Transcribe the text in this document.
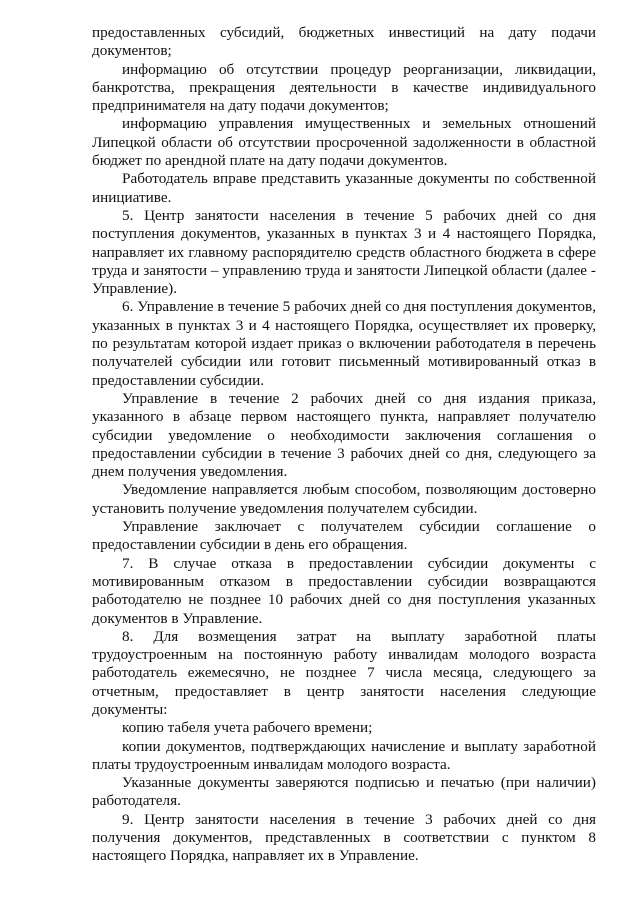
предоставленных субсидий, бюджетных инвестиций на дату подачи документов;

информацию об отсутствии процедур реорганизации, ликвидации, банкротства, прекращения деятельности в качестве индивидуального предпринимателя на дату подачи документов;

информацию управления имущественных и земельных отношений Липецкой области об отсутствии просроченной задолженности в областной бюджет по арендной плате на дату подачи документов.

Работодатель вправе представить указанные документы по собственной инициативе.

5. Центр занятости населения в течение 5 рабочих дней со дня поступления документов, указанных в пунктах 3 и 4 настоящего Порядка, направляет их главному распорядителю средств областного бюджета в сфере труда и занятости – управлению труда и занятости Липецкой области (далее - Управление).

6. Управление в течение 5 рабочих дней со дня поступления документов, указанных в пунктах 3 и 4 настоящего Порядка, осуществляет их проверку, по результатам которой издает приказ о включении работодателя в перечень получателей субсидии или готовит письменный мотивированный отказ в предоставлении субсидии.

Управление в течение 2 рабочих дней со дня издания приказа, указанного в абзаце первом настоящего пункта, направляет получателю субсидии уведомление о необходимости заключения соглашения о предоставлении субсидии в течение 3 рабочих дней со дня, следующего за днем получения уведомления.

Уведомление направляется любым способом, позволяющим достоверно установить получение уведомления получателем субсидии.

Управление заключает с получателем субсидии соглашение о предоставлении субсидии в день его обращения.

7. В случае отказа в предоставлении субсидии документы с мотивированным отказом в предоставлении субсидии возвращаются работодателю не позднее 10 рабочих дней со дня поступления указанных документов в Управление.

8. Для возмещения затрат на выплату заработной платы трудоустроенным на постоянную работу инвалидам молодого возраста работодатель ежемесячно, не позднее 7 числа месяца, следующего за отчетным, предоставляет в центр занятости населения следующие документы:

копию табеля учета рабочего времени;

копии документов, подтверждающих начисление и выплату заработной платы трудоустроенным инвалидам молодого возраста.

Указанные документы заверяются подписью и печатью (при наличии) работодателя.

9. Центр занятости населения в течение 3 рабочих дней со дня получения документов, представленных в соответствии с пунктом 8 настоящего Порядка, направляет их в Управление.
